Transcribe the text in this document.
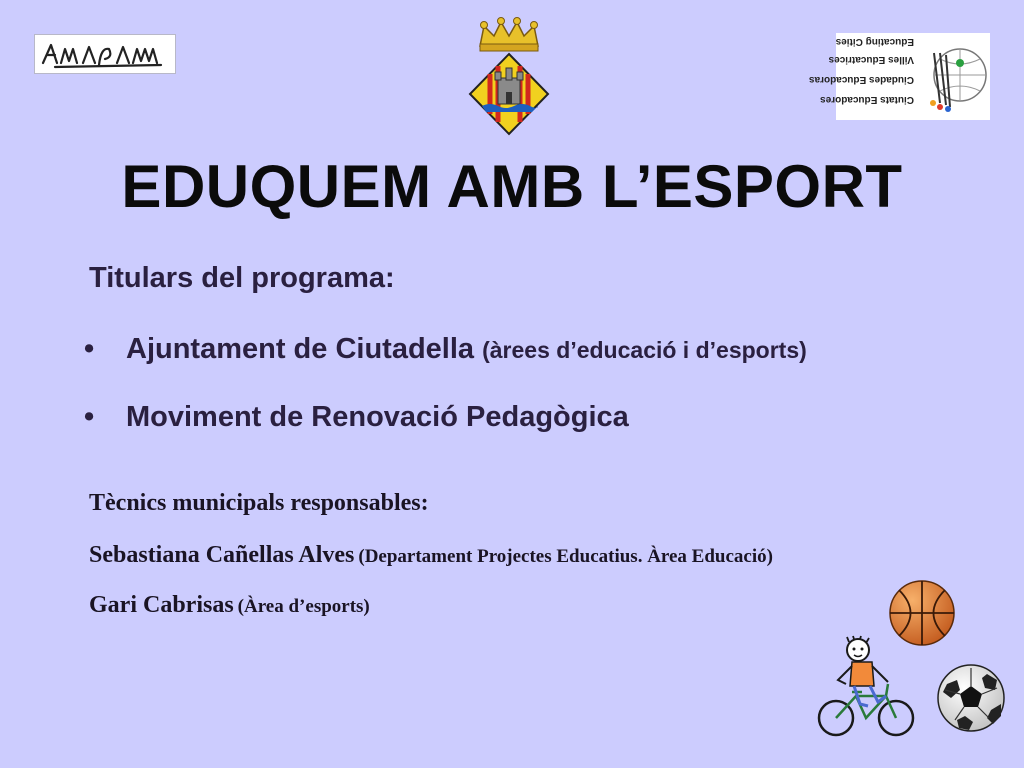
Ciutats Educadores
Ciudades Educadoras
Villes Educatrices
Educating Cities
EDUQUEM AMB L’ESPORT
Titulars del programa:
• Ajuntament de Ciutadella (àrees d’educació i d’esports)
• Moviment de Renovació Pedagògica
Tècnics municipals responsables:
Sebastiana Cañellas Alves (Departament Projectes Educatius. Àrea Educació)
Gari Cabrisas (Àrea d’esports)
